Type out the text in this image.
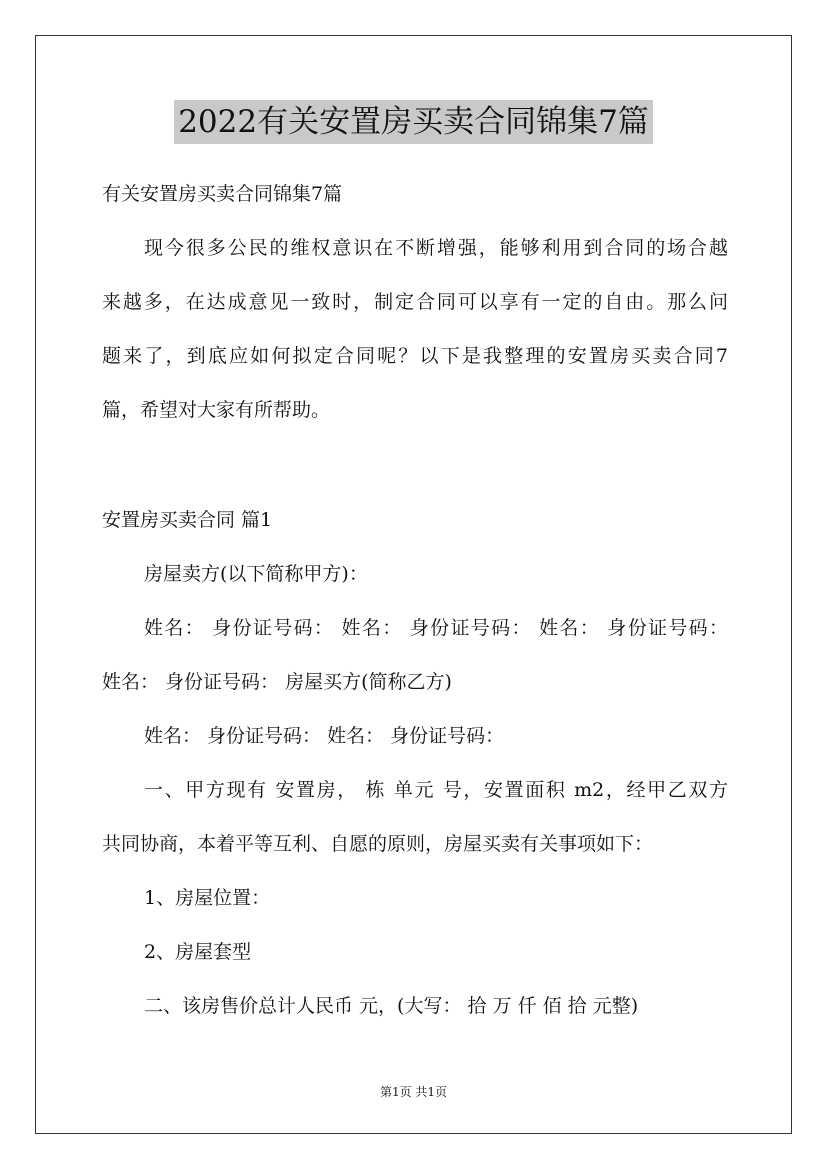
2022有关安置房买卖合同锦集7篇
有关安置房买卖合同锦集7篇
现今很多公民的维权意识在不断增强，能够利用到合同的场合越
来越多，在达成意见一致时，制定合同可以享有一定的自由。那么问
题来了，到底应如何拟定合同呢？以下是我整理的安置房买卖合同7
篇，希望对大家有所帮助。
安置房买卖合同 篇1
房屋卖方(以下简称甲方)：
姓名： 身份证号码： 姓名： 身份证号码： 姓名： 身份证号码：
姓名： 身份证号码： 房屋买方(简称乙方)
姓名： 身份证号码： 姓名： 身份证号码：
一、甲方现有 安置房， 栋 单元 号，安置面积 m2，经甲乙双方
共同协商，本着平等互利、自愿的原则，房屋买卖有关事项如下：
1、房屋位置：
2、房屋套型
二、该房售价总计人民币 元，(大写： 拾 万 仟 佰 拾 元整)
第1页 共1页
